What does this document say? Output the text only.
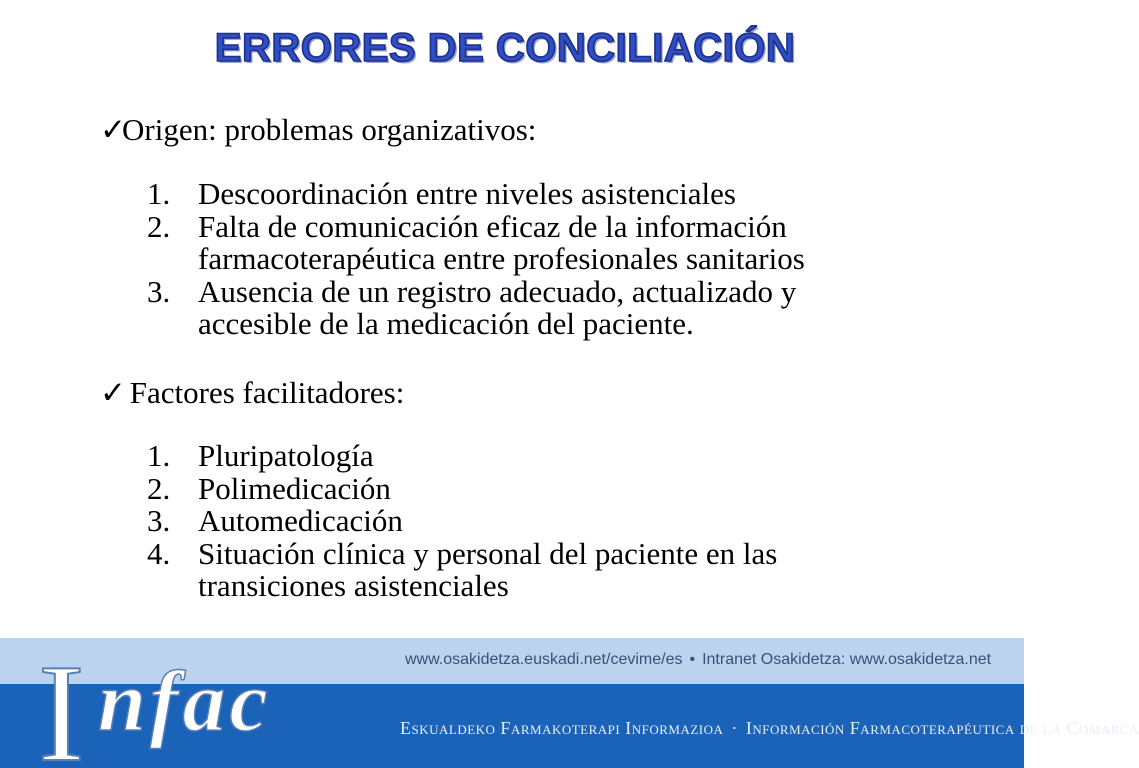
ERRORES DE CONCILIACIÓN
✓Origen: problemas organizativos:
1. Descoordinación entre niveles asistenciales
2. Falta de comunicación eficaz de la información farmacoterapéutica entre profesionales sanitarios
3. Ausencia de un registro adecuado, actualizado y accesible de la medicación del paciente.
✓ Factores facilitadores:
1. Pluripatología
2. Polimedicación
3. Automedicación
4. Situación clínica y personal del paciente en las transiciones asistenciales
www.osakidetza.euskadi.net/cevime/es • Intranet Osakidetza: www.osakidetza.net
Eskualdeko Farmakoterapi Informazioa · Información Farmacoterapéutica de la Comarca
I nfac
